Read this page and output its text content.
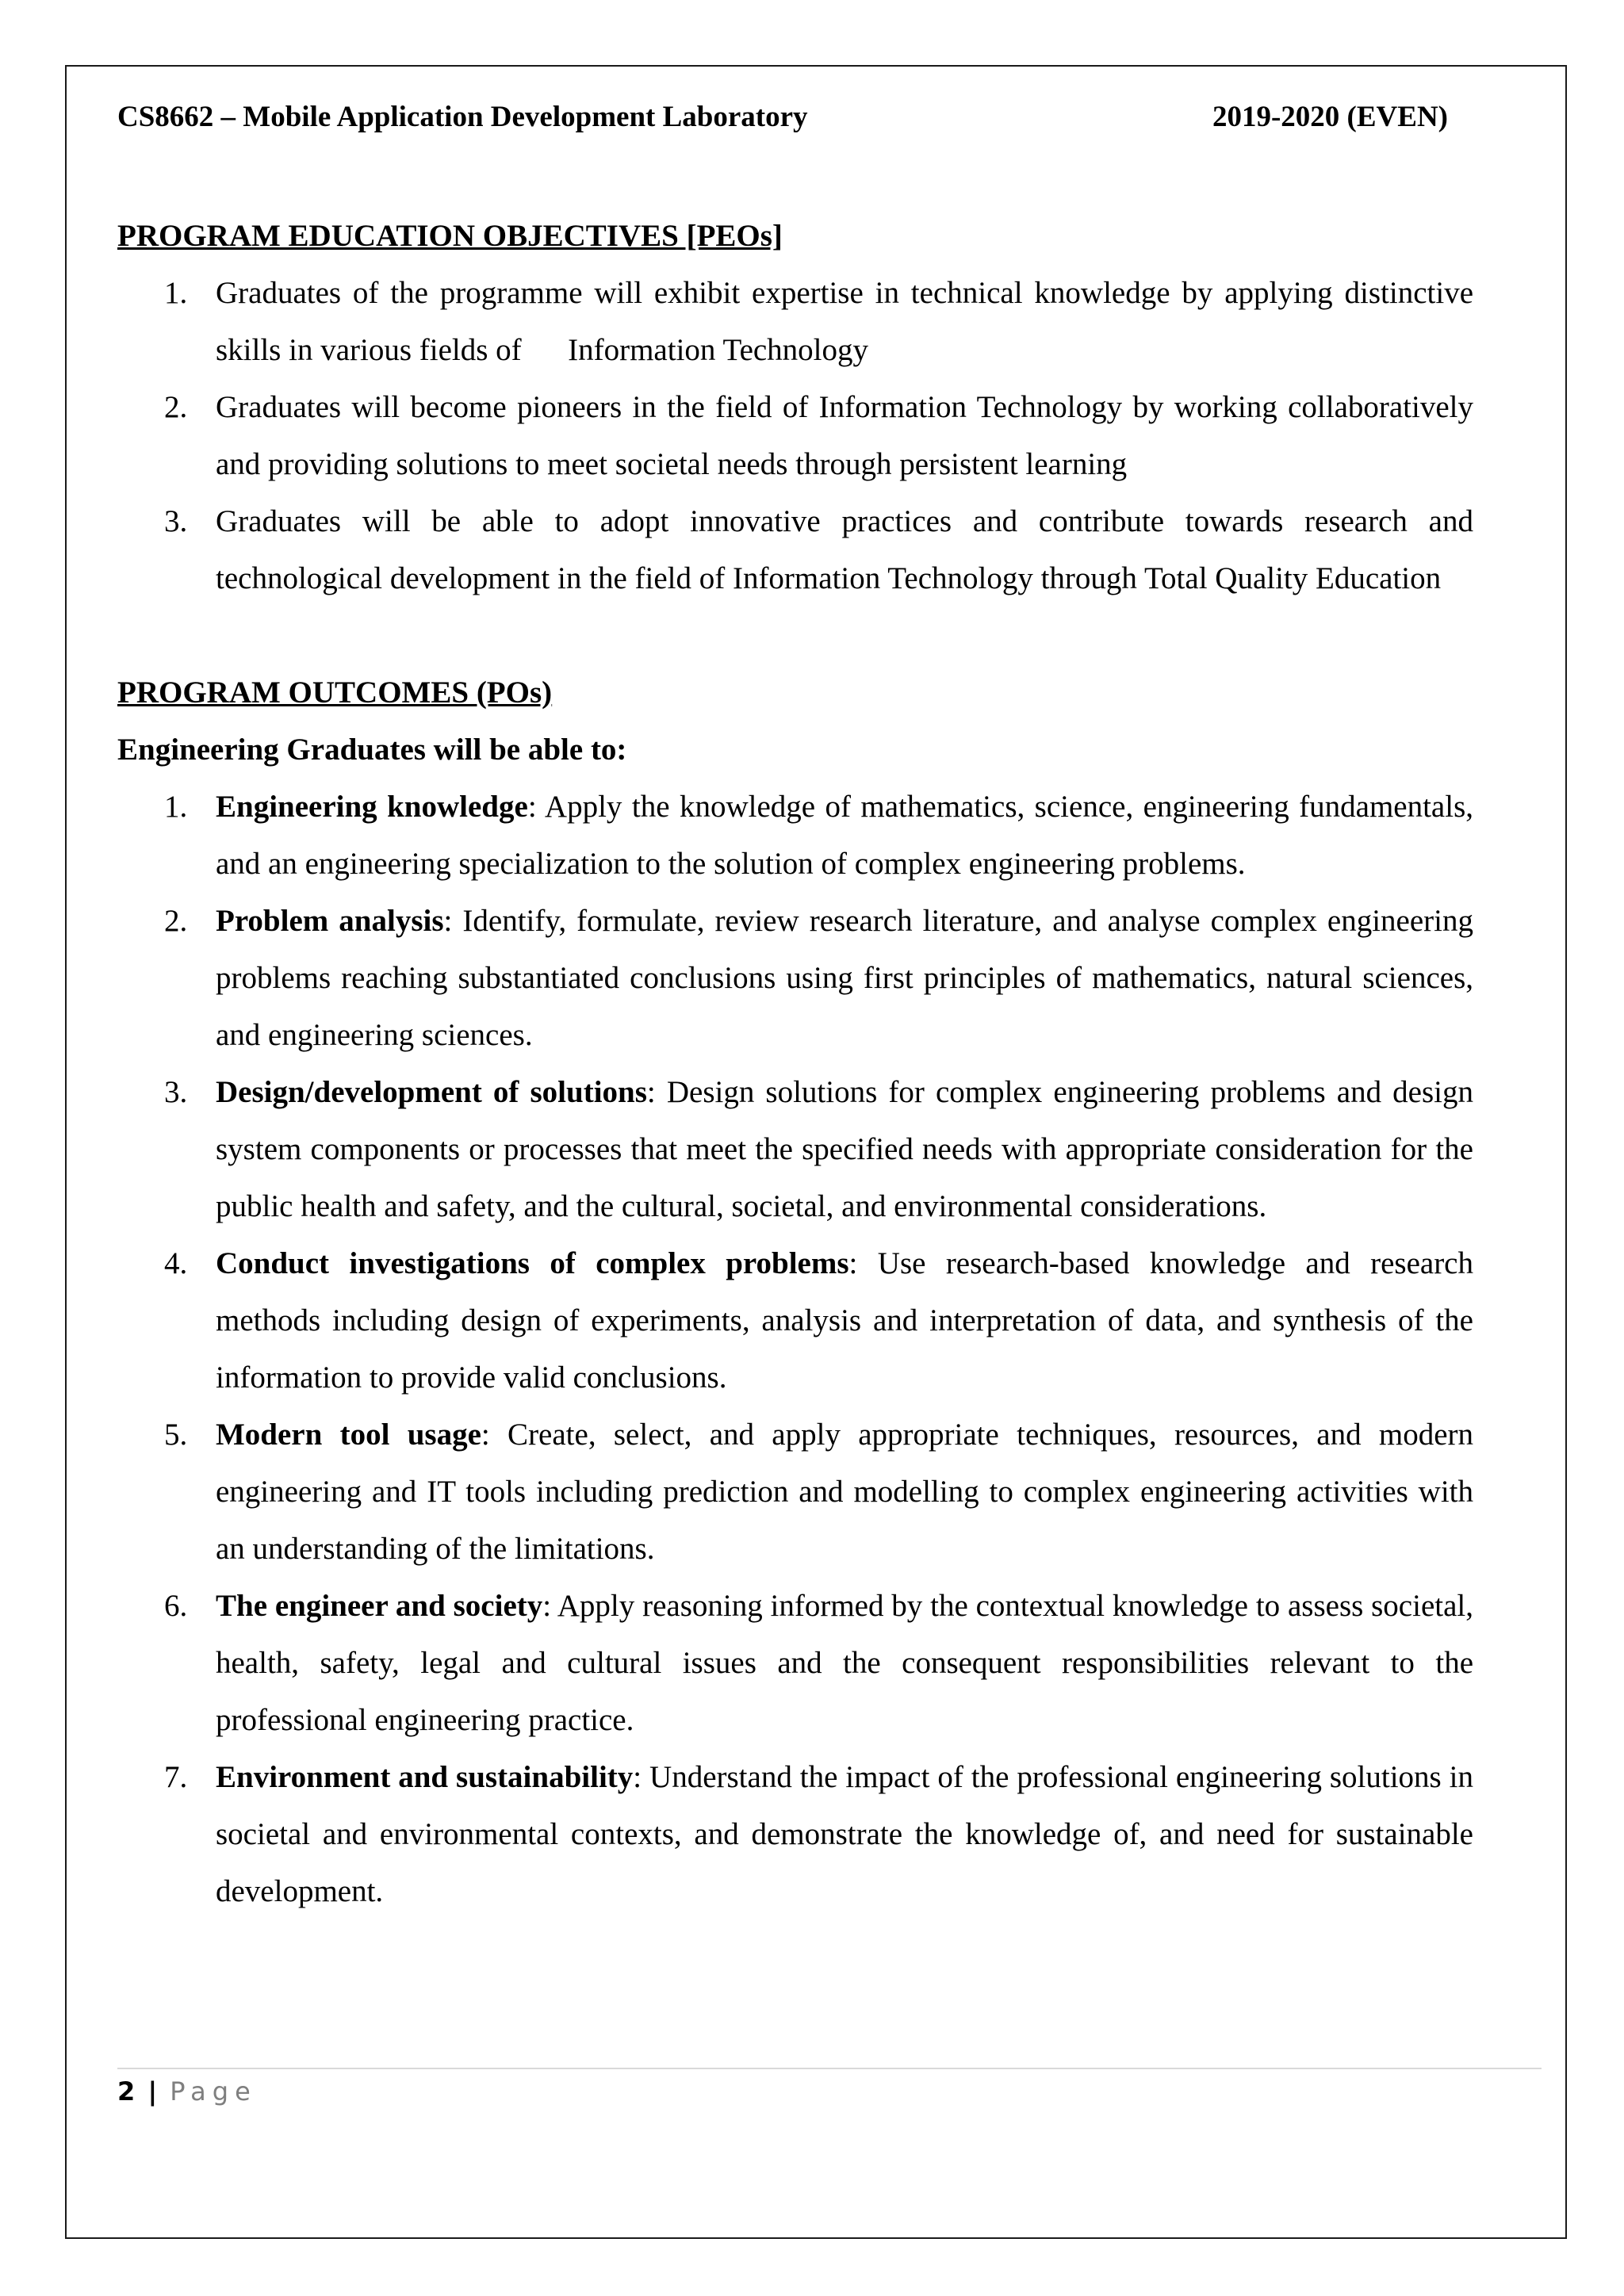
CS8662 – Mobile Application Development Laboratory	2019-2020 (EVEN)

PROGRAM EDUCATION OBJECTIVES [PEOs]

1. Graduates of the programme will exhibit expertise in technical knowledge by applying distinctive skills in various fields of      Information Technology
2. Graduates will become pioneers in the field of Information Technology by working collaboratively and providing solutions to meet societal needs through persistent learning
3. Graduates will be able to adopt innovative practices and contribute towards research and technological development in the field of Information Technology through Total Quality Education

PROGRAM OUTCOMES (POs)

Engineering Graduates will be able to:

1. Engineering knowledge: Apply the knowledge of mathematics, science, engineering fundamentals, and an engineering specialization to the solution of complex engineering problems.
2. Problem analysis: Identify, formulate, review research literature, and analyse complex engineering problems reaching substantiated conclusions using first principles of mathematics, natural sciences, and engineering sciences.
3. Design/development of solutions: Design solutions for complex engineering problems and design system components or processes that meet the specified needs with appropriate consideration for the public health and safety, and the cultural, societal, and environmental considerations.
4. Conduct investigations of complex problems: Use research-based knowledge and research methods including design of experiments, analysis and interpretation of data, and synthesis of the information to provide valid conclusions.
5. Modern tool usage: Create, select, and apply appropriate techniques, resources, and modern engineering and IT tools including prediction and modelling to complex engineering activities with an understanding of the limitations.
6. The engineer and society: Apply reasoning informed by the contextual knowledge to assess societal, health, safety, legal and cultural issues and the consequent responsibilities relevant to the professional engineering practice.
7. Environment and sustainability: Understand the impact of the professional engineering solutions in societal and environmental contexts, and demonstrate the knowledge of, and need for sustainable development.
2 | Page
